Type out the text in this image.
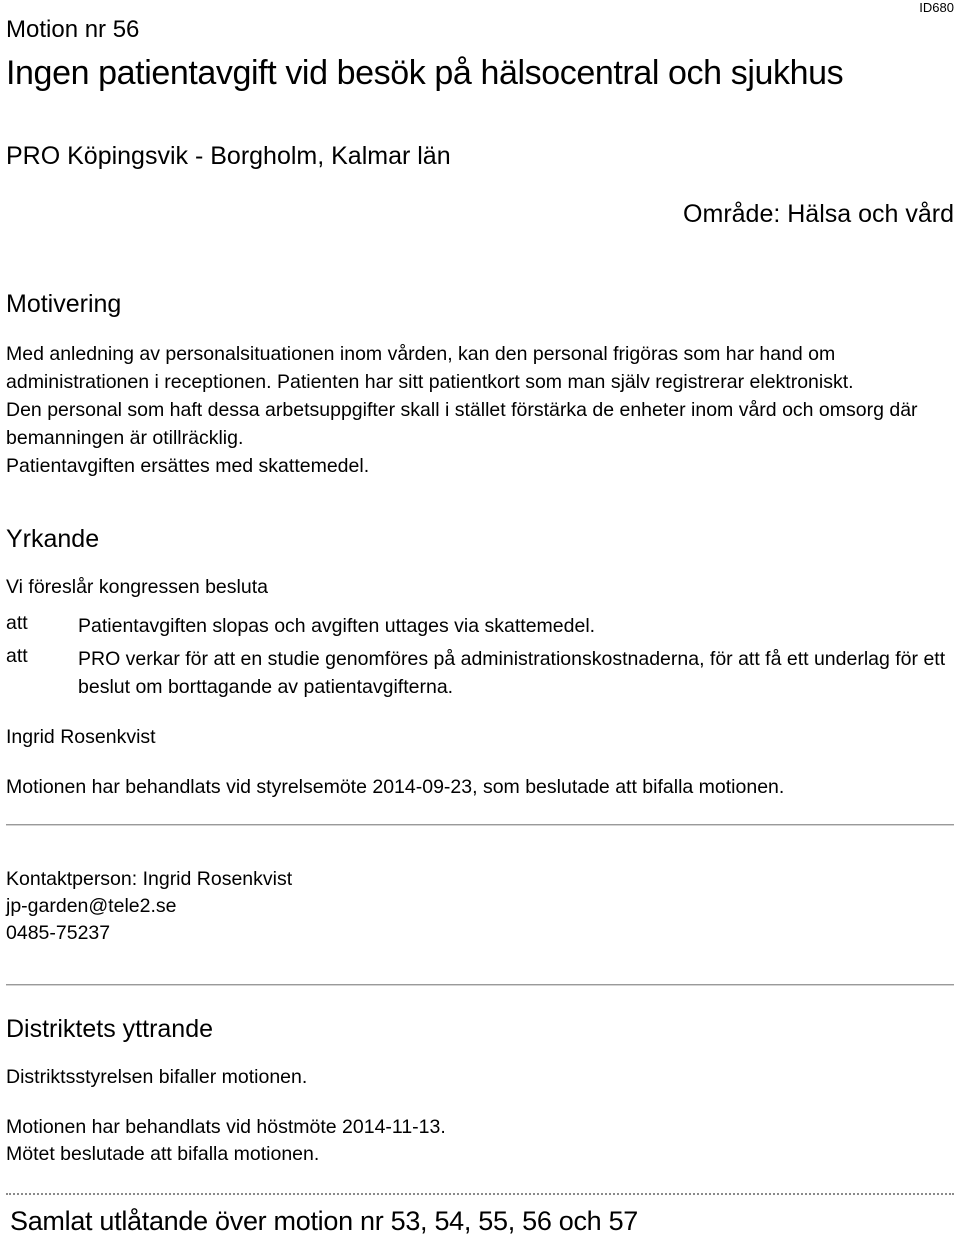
ID680
Motion nr 56
Ingen patientavgift vid besök på hälsocentral och sjukhus
PRO Köpingsvik - Borgholm, Kalmar län
Område: Hälsa och vård
Motivering

Med anledning av personalsituationen inom vården, kan den personal frigöras som har hand om administrationen i receptionen. Patienten har sitt patientkort som man själv registrerar elektroniskt.

Den personal som haft dessa arbetsuppgifter skall i stället förstärka de enheter inom vård och omsorg där bemanningen är otillräcklig.

Patientavgiften ersättes med skattemedel.

Yrkande
Vi föreslår kongressen besluta
att	Patientavgiften slopas och avgiften uttages via skattemedel.
att	PRO verkar för att en studie genomföres på administrationskostnaderna, för att få ett underlag för ett beslut om borttagande av patientavgifterna.
Ingrid Rosenkvist
Motionen har behandlats vid styrelsemöte 2014-09-23, som beslutade att bifalla motionen.
Kontaktperson: Ingrid Rosenkvist
jp-garden@tele2.se
0485-75237
Distriktets yttrande
Distriktsstyrelsen bifaller motionen.
Motionen har behandlats vid höstmöte 2014-11-13.
Mötet beslutade att bifalla motionen.
Samlat utlåtande över motion nr 53, 54, 55, 56 och 57
